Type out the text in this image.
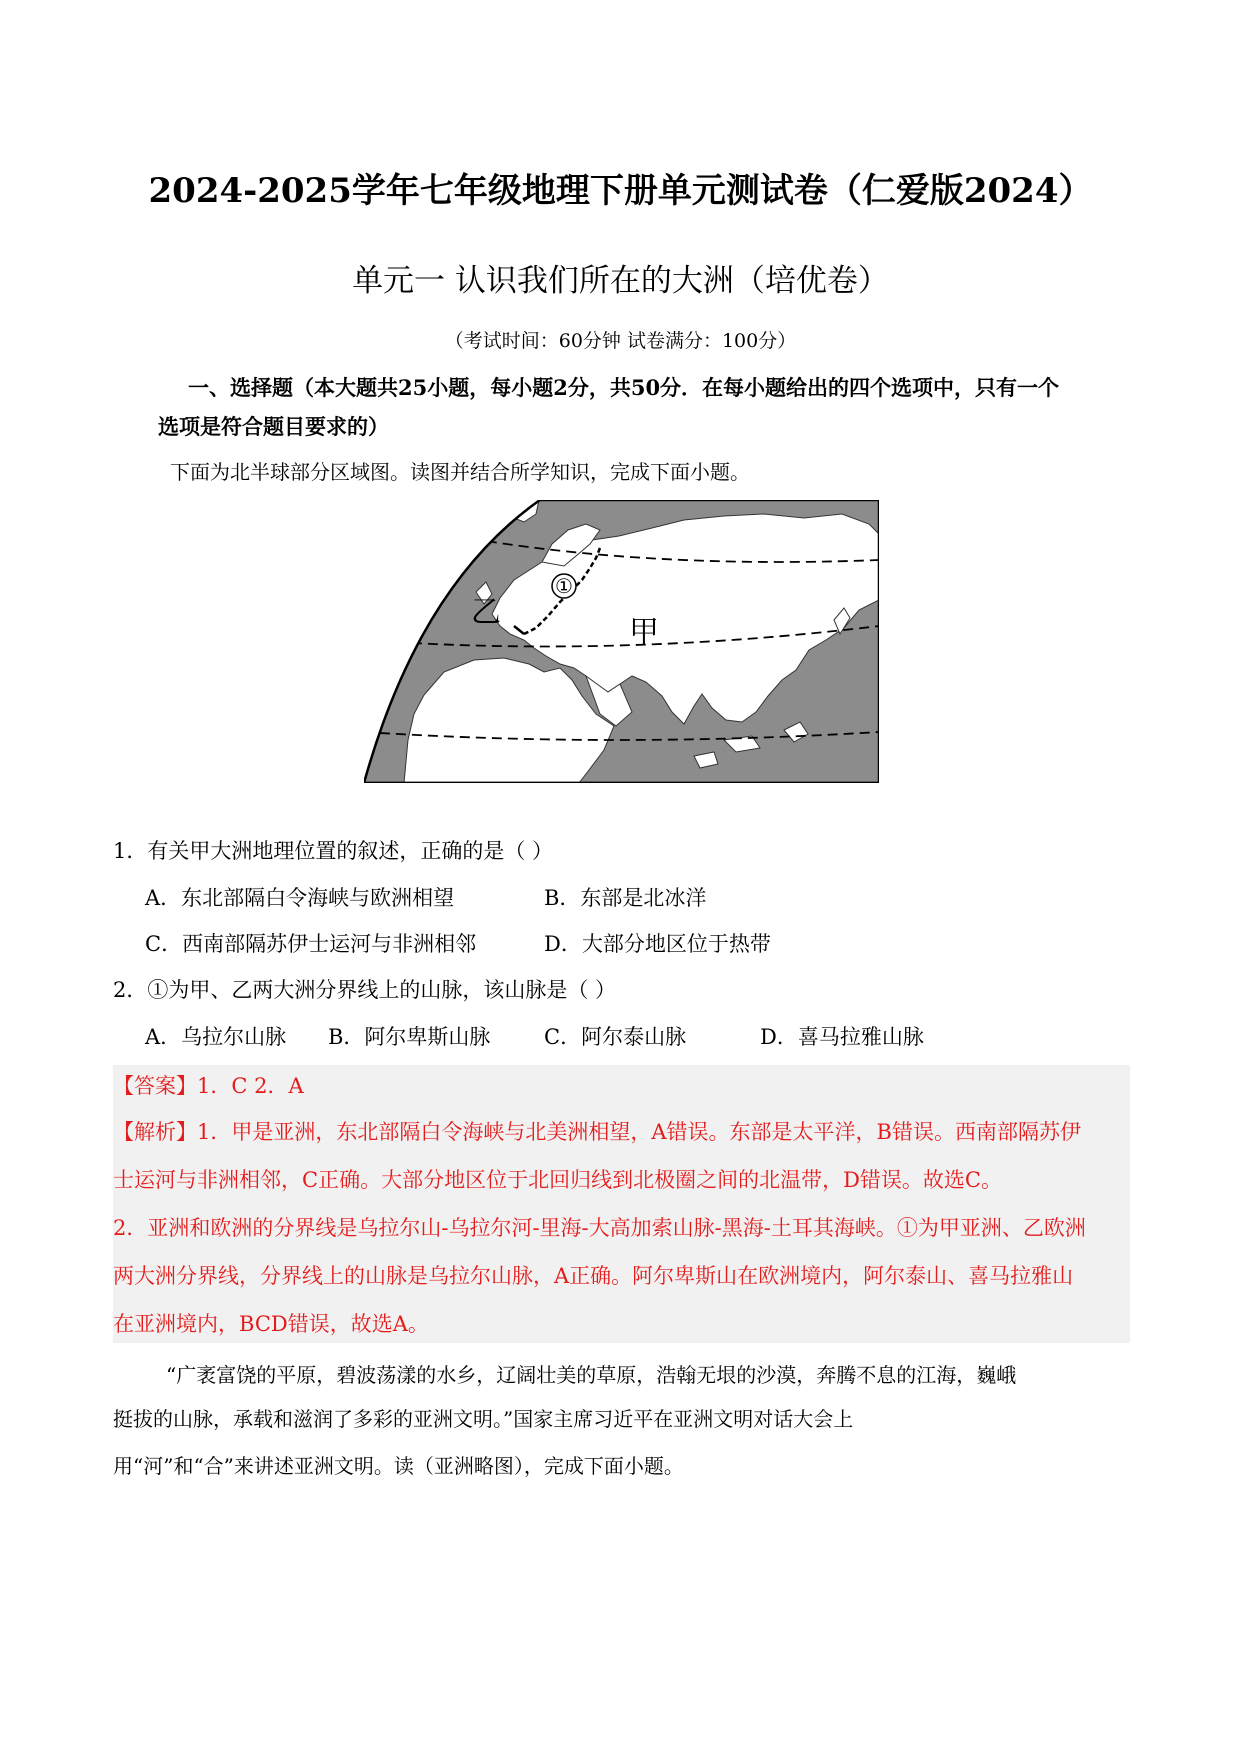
2024-2025学年七年级地理下册单元测试卷（仁爱版2024）
单元一 认识我们所在的大洲（培优卷）
（考试时间：60分钟 试卷满分：100分）
一、选择题（本大题共25小题，每小题2分，共50分．在每小题给出的四个选项中，只有一个
选项是符合题目要求的）
下面为北半球部分区域图。读图并结合所学知识，完成下面小题。
①
乙
甲
1．有关甲大洲地理位置的叙述，正确的是（ ）
A．东北部隔白令海峡与欧洲相望	B．东部是北冰洋
C．西南部隔苏伊士运河与非洲相邻	D．大部分地区位于热带
2．①为甲、乙两大洲分界线上的山脉，该山脉是（ ）
A．乌拉尔山脉 B．阿尔卑斯山脉	C．阿尔泰山脉	D．喜马拉雅山脉
【答案】1．C 2．A
【解析】1．甲是亚洲，东北部隔白令海峡与北美洲相望，A错误。东部是太平洋，B错误。西南部隔苏伊
士运河与非洲相邻，C正确。大部分地区位于北回归线到北极圈之间的北温带，D错误。故选C。
2．亚洲和欧洲的分界线是乌拉尔山-乌拉尔河-里海-大高加索山脉-黑海-土耳其海峡。①为甲亚洲、乙欧洲
两大洲分界线，分界线上的山脉是乌拉尔山脉，A正确。阿尔卑斯山在欧洲境内，阿尔泰山、喜马拉雅山
在亚洲境内，BCD错误，故选A。
“广袤富饶的平原，碧波荡漾的水乡，辽阔壮美的草原，浩翰无垠的沙漠，奔腾不息的江海，巍峨
挺拔的山脉，承载和滋润了多彩的亚洲文明。”国家主席习近平在亚洲文明对话大会上
用“河”和“合”来讲述亚洲文明。读（亚洲略图），完成下面小题。
